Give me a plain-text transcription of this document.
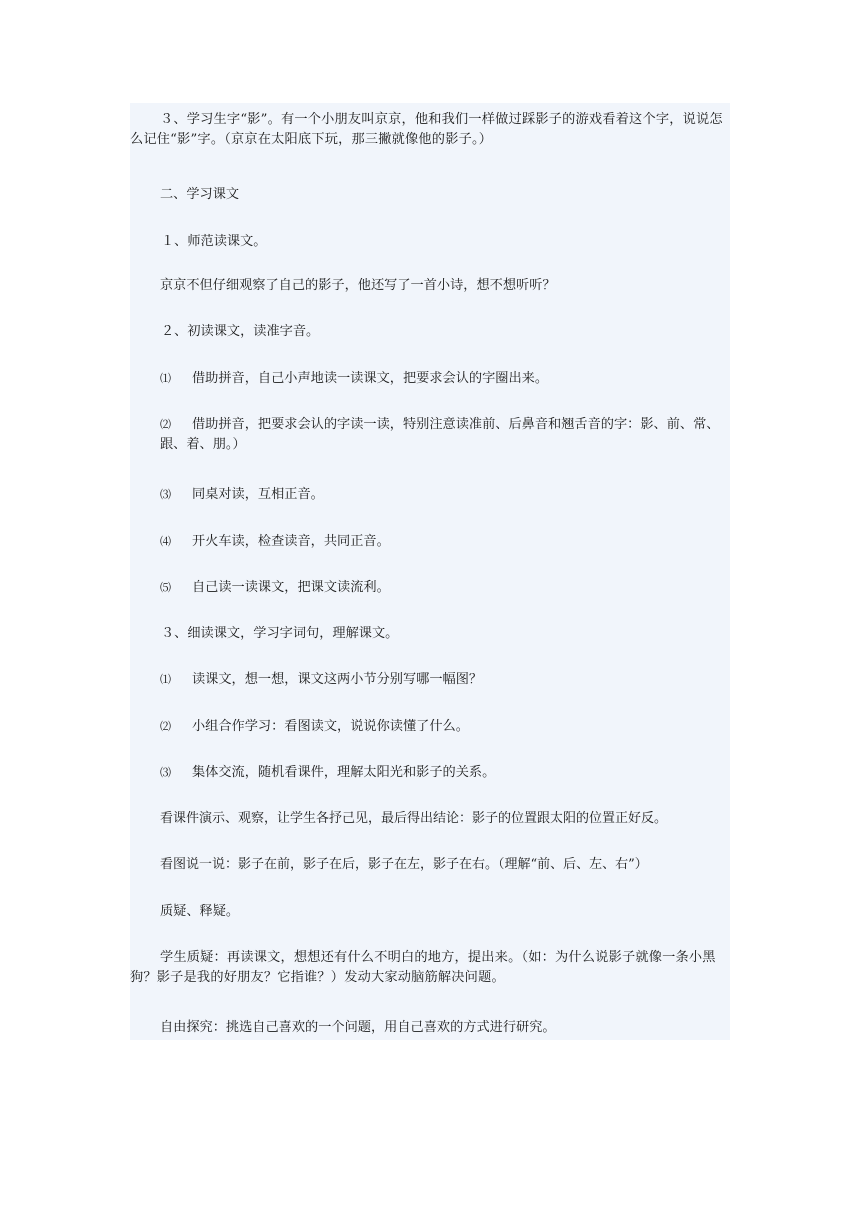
３、学习生字“影”。有一个小朋友叫京京，他和我们一样做过踩影子的游戏看着这个字，说说怎么记住“影”字。（京京在太阳底下玩，那三撇就像他的影子。）

二、学习课文

１、师范读课文。

京京不但仔细观察了自己的影子，他还写了一首小诗，想不想听听？

２、初读课文，读准字音。

⑴ 借助拼音，自己小声地读一读课文，把要求会认的字圈出来。

⑵ 借助拼音，把要求会认的字读一读，特别注意读准前、后鼻音和翘舌音的字：影、前、常、跟、着、朋。）

⑶ 同桌对读，互相正音。

⑷ 开火车读，检查读音，共同正音。

⑸ 自己读一读课文，把课文读流利。

３、细读课文，学习字词句，理解课文。

⑴ 读课文，想一想，课文这两小节分别写哪一幅图？

⑵ 小组合作学习：看图读文，说说你读懂了什么。

⑶ 集体交流，随机看课件，理解太阳光和影子的关系。

看课件演示、观察，让学生各抒己见，最后得出结论：影子的位置跟太阳的位置正好反。

看图说一说：影子在前，影子在后，影子在左，影子在右。（理解“前、后、左、右”）

质疑、释疑。

学生质疑：再读课文，想想还有什么不明白的地方，提出来。（如：为什么说影子就像一条小黑狗？影子是我的好朋友？它指谁？）发动大家动脑筋解决问题。

自由探究：挑选自己喜欢的一个问题，用自己喜欢的方式进行研究。
